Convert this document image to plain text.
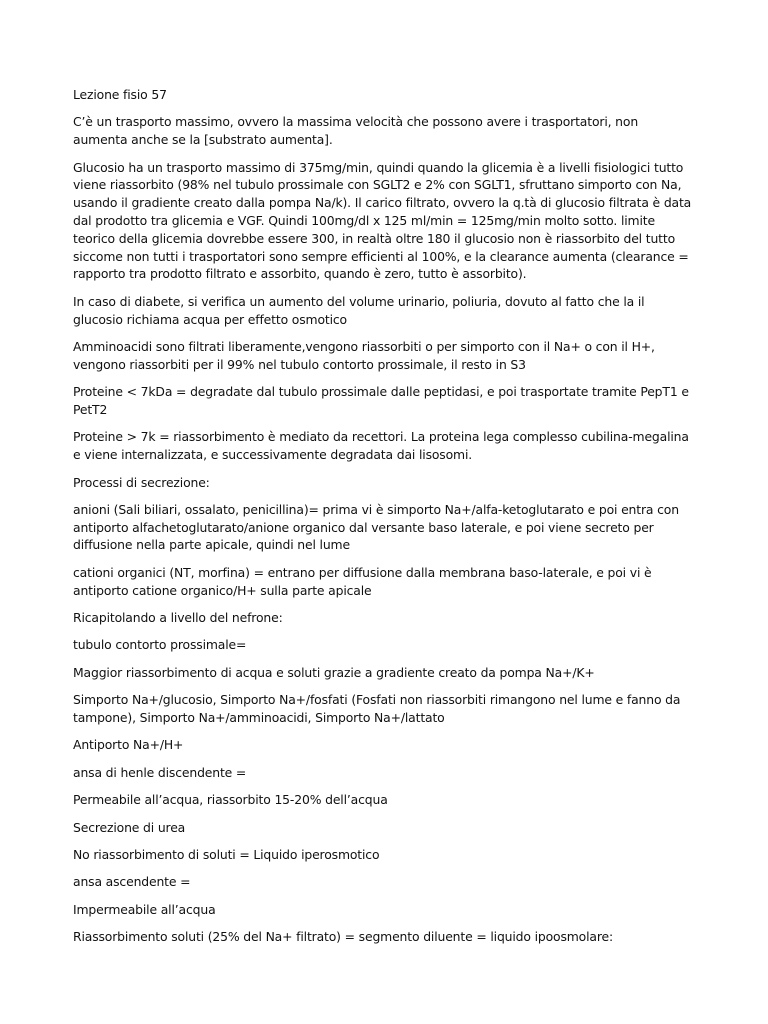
Lezione fisio 57

C’è un trasporto massimo, ovvero la massima velocità che possono avere i trasportatori, non aumenta anche se la [substrato aumenta].

Glucosio ha un trasporto massimo di 375mg/min, quindi quando la glicemia è a livelli fisiologici tutto viene riassorbito (98% nel tubulo prossimale con SGLT2 e 2% con SGLT1, sfruttano simporto con Na, usando il gradiente creato dalla pompa Na/k). Il carico filtrato, ovvero la q.tà di glucosio filtrata è data dal prodotto tra glicemia e VGF. Quindi 100mg/dl x 125 ml/min = 125mg/min molto sotto. limite teorico della glicemia dovrebbe essere 300, in realtà oltre 180 il glucosio non è riassorbito del tutto siccome non tutti i trasportatori sono sempre efficienti al 100%, e la clearance aumenta (clearance = rapporto tra prodotto filtrato e assorbito, quando è zero, tutto è assorbito).

In caso di diabete, si verifica un aumento del volume urinario, poliuria, dovuto al fatto che la il glucosio richiama acqua per effetto osmotico

Amminoacidi sono filtrati liberamente,vengono riassorbiti o per simporto con il Na+ o con il H+, vengono riassorbiti per il 99% nel tubulo contorto prossimale, il resto in S3

Proteine < 7kDa = degradate dal tubulo prossimale dalle peptidasi, e poi trasportate tramite PepT1 e PetT2

Proteine > 7k = riassorbimento è mediato da recettori. La proteina lega complesso cubilina-megalina e viene internalizzata, e successivamente degradata dai lisosomi.

Processi di secrezione:

anioni (Sali biliari, ossalato, penicillina)= prima vi è simporto Na+/alfa-ketoglutarato e poi entra con antiporto alfachetoglutarato/anione organico dal versante baso laterale, e poi viene secreto per diffusione nella parte apicale, quindi nel lume

cationi organici (NT, morfina) = entrano per diffusione dalla membrana baso-laterale, e poi vi è antiporto catione organico/H+ sulla parte apicale

Ricapitolando a livello del nefrone:

tubulo contorto prossimale=

Maggior riassorbimento di acqua e soluti grazie a gradiente creato da pompa Na+/K+

Simporto Na+/glucosio, Simporto Na+/fosfati (Fosfati non riassorbiti rimangono nel lume e fanno da tampone), Simporto Na+/amminoacidi, Simporto Na+/lattato

Antiporto Na+/H+

ansa di henle discendente =

Permeabile all’acqua, riassorbito 15-20% dell’acqua

Secrezione di urea

No riassorbimento di soluti = Liquido iperosmotico

ansa ascendente =

Impermeabile all’acqua

Riassorbimento soluti (25% del Na+ filtrato) = segmento diluente = liquido ipoosmolare:
